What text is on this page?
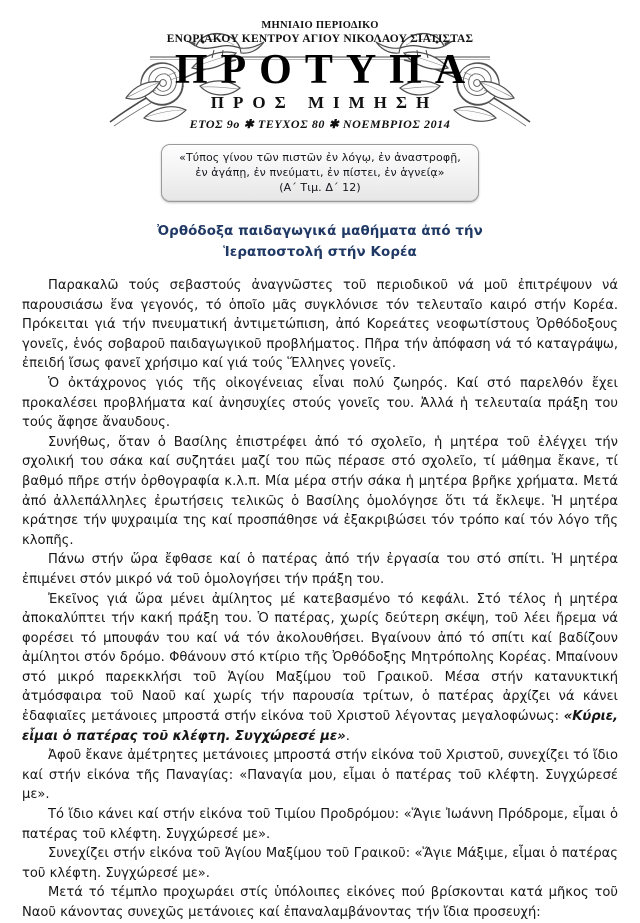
ΜΗΝΙΑΙΟ ΠΕΡΙΟΔΙΚΟ
ΕΝΟΡΙΑΚΟΥ ΚΕΝΤΡΟΥ ΑΓΙΟΥ ΝΙΚΟΛΑΟΥ ΣΙΑΤΙΣΤΑΣ
ΠΡΟΤΥΠΑ
ΠΡΟΣ ΜΙΜΗΣΗ
ΕΤΟΣ 9ο ✱ ΤΕΥΧΟΣ 80 ✱ ΝΟΕΜΒΡΙΟΣ 2014
«Τύπος γίνου τῶν πιστῶν ἐν λόγῳ, ἐν ἀναστροφῇ, ἐν ἀγάπῃ, ἐν πνεύματι, ἐν πίστει, ἐν ἁγνείᾳ» (Α΄ Τιμ. Δ΄ 12)
Ὀρθόδοξα παιδαγωγικά μαθήματα ἀπό τήν
Ἱεραποστολή στήν Κορέα

Παρακαλῶ τούς σεβαστούς ἀναγνῶστες τοῦ περιοδικοῦ νά μοῦ ἐπιτρέψουν νά παρουσιάσω ἕνα γεγονός, τό ὁποῖο μᾶς συγκλόνισε τόν τελευταῖο καιρό στήν Κορέα. Πρόκειται γιά τήν πνευματική ἀντιμετώπιση, ἀπό Κορεάτες νεοφωτίστους Ὀρθόδοξους γονεῖς, ἑνός σοβαροῦ παιδαγωγικοῦ προβλήματος. Πῆρα τήν ἀπόφαση νά τό καταγράψω, ἐπειδή ἴσως φανεῖ χρήσιμο καί γιά τούς Ἕλληνες γονεῖς.

Ὁ ὀκτάχρονος γιός τῆς οἰκογένειας εἶναι πολύ ζωηρός. Καί στό παρελθόν ἔχει προκαλέσει προβλήματα καί ἀνησυχίες στούς γονεῖς του. Ἀλλά ἡ τελευταία πράξη του τούς ἄφησε ἄναυδους.

Συνήθως, ὅταν ὁ Βασίλης ἐπιστρέφει ἀπό τό σχολεῖο, ἡ μητέρα τοῦ ἐλέγχει τήν σχολική του σάκα καί συζητάει μαζί του πῶς πέρασε στό σχολεῖο, τί μάθημα ἔκανε, τί βαθμό πῆρε στήν ὀρθογραφία κ.λ.π. Μία μέρα στήν σάκα ἡ μητέρα βρῆκε χρήματα. Μετά ἀπό ἀλλεπάλληλες ἐρωτήσεις τελικῶς ὁ Βασίλης ὁμολόγησε ὅτι τά ἔκλεψε. Ἡ μητέρα κράτησε τήν ψυχραιμία της καί προσπάθησε νά ἐξακριβώσει τόν τρόπο καί τόν λόγο τῆς κλοπῆς.

Πάνω στήν ὥρα ἔφθασε καί ὁ πατέρας ἀπό τήν ἐργασία του στό σπίτι. Ἡ μητέρα ἐπιμένει στόν μικρό νά τοῦ ὁμολογήσει τήν πράξη του.

Ἐκεῖνος γιά ὥρα μένει ἀμίλητος μέ κατεβασμένο τό κεφάλι. Στό τέλος ἡ μητέρα ἀποκαλύπτει τήν κακή πράξη του. Ὁ πατέρας, χωρίς δεύτερη σκέψη, τοῦ λέει ἤρεμα νά φορέσει τό μπουφάν του καί νά τόν ἀκολουθήσει. Βγαίνουν ἀπό τό σπίτι καί βαδίζουν ἀμίλητοι στόν δρόμο. Φθάνουν στό κτίριο τῆς Ὀρθόδοξης Μητρόπολης Κορέας. Μπαίνουν στό μικρό παρεκκλήσι τοῦ Ἁγίου Μαξίμου τοῦ Γραικοῦ. Μέσα στήν κατανυκτική ἀτμόσφαιρα τοῦ Ναοῦ καί χωρίς τήν παρουσία τρίτων, ὁ πατέρας ἀρχίζει νά κάνει ἐδαφιαῖες μετάνοιες μπροστά στήν εἰκόνα τοῦ Χριστοῦ λέγοντας μεγαλοφώνως: «Κύριε, εἶμαι ὁ πατέρας τοῦ κλέφτη. Συγχώρεσέ με».

Ἀφοῦ ἔκανε ἀμέτρητες μετάνοιες μπροστά στήν εἰκόνα τοῦ Χριστοῦ, συνεχίζει τό ἴδιο καί στήν εἰκόνα τῆς Παναγίας: «Παναγία μου, εἶμαι ὁ πατέρας τοῦ κλέφτη. Συγχώρεσέ με».

Τό ἴδιο κάνει καί στήν εἰκόνα τοῦ Τιμίου Προδρόμου: «Ἅγιε Ἰωάννη Πρόδρομε, εἶμαι ὁ πατέρας τοῦ κλέφτη. Συγχώρεσέ με».

Συνεχίζει στήν εἰκόνα τοῦ Ἁγίου Μαξίμου τοῦ Γραικοῦ: «Ἅγιε Μάξιμε, εἶμαι ὁ πατέρας τοῦ κλέφτη. Συγχώρεσέ με».

Μετά τό τέμπλο προχωράει στίς ὑπόλοιπες εἰκόνες πού βρίσκονται κατά μῆκος τοῦ Ναοῦ κάνοντας συνεχῶς μετάνοιες καί ἐπαναλαμβάνοντας τήν ἴδια προσευχή:
